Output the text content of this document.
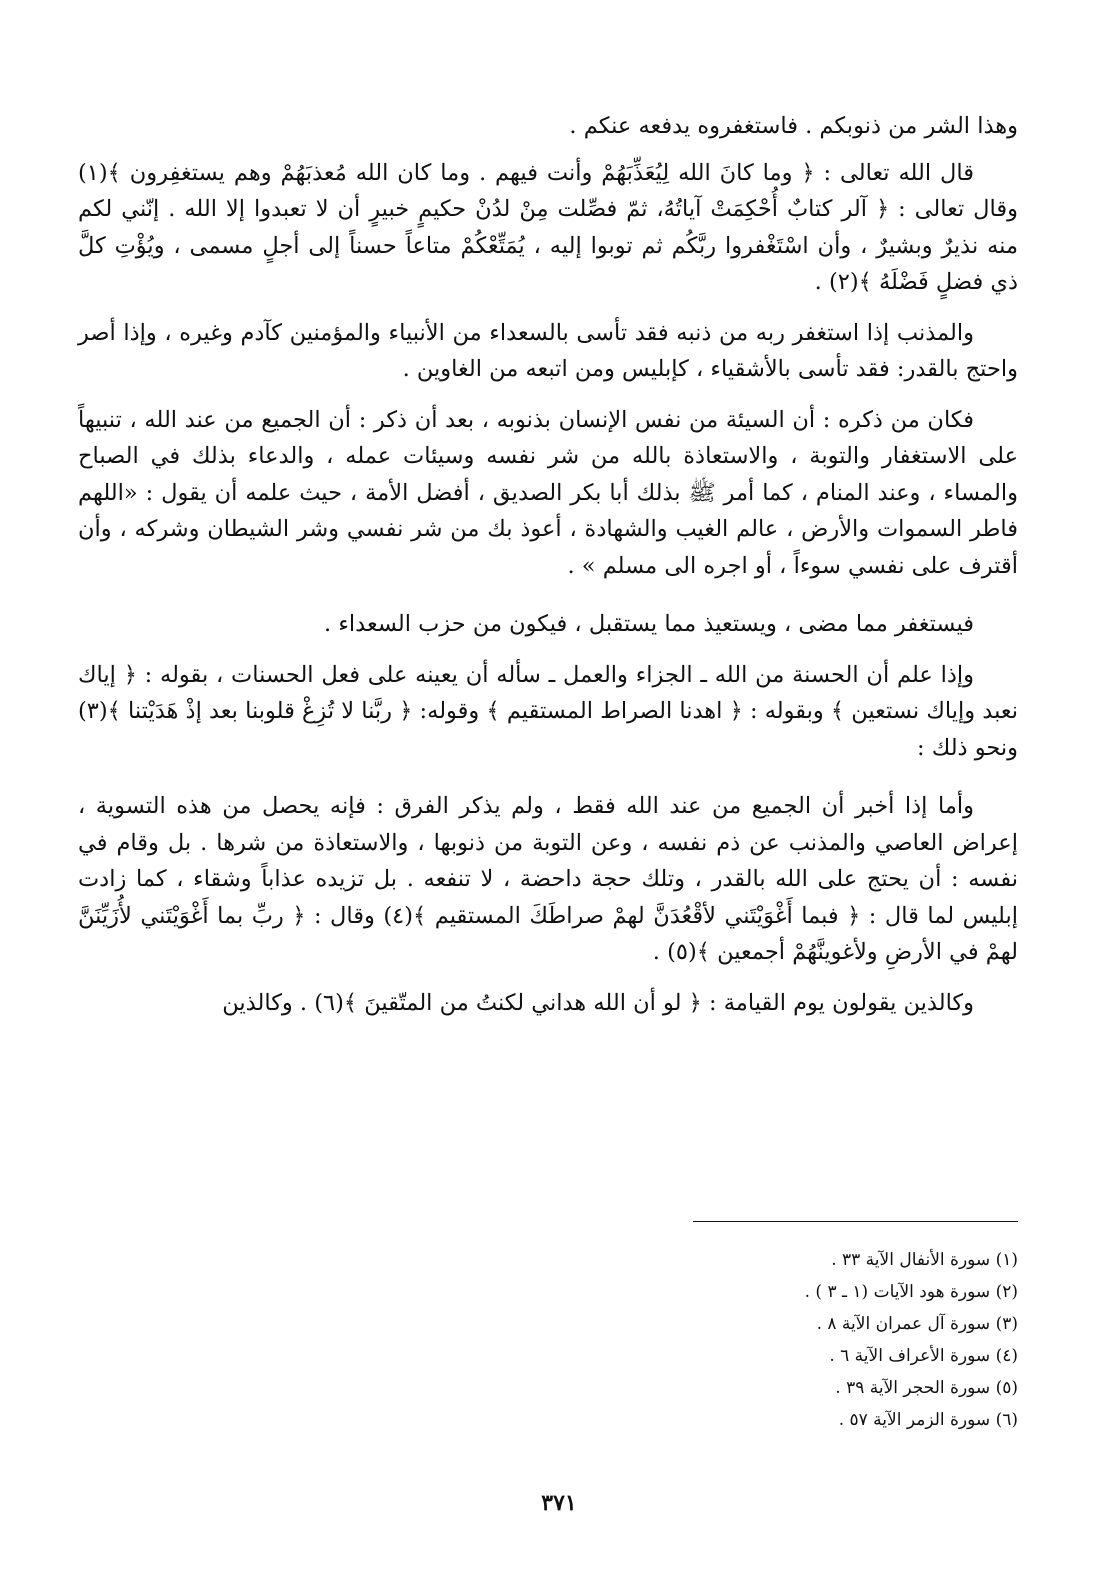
وهذا الشر من ذنوبكم . فاستغفروه يدفعه عنكم .

قال الله تعالى : ﴿ وما كانَ الله لِيُعَذِّبَهُمْ وأنت فيهم . وما كان الله مُعذبَهُمْ وهم يستغفِرون ﴾(١) وقال تعالى : ﴿ آلر كتابٌ أُحْكِمَتْ آياتُهُ، ثمّ فصِّلت مِنْ لدُنْ حكيمٍ خبيرٍ أن لا تعبدوا إلا الله . إنّني لكم منه نذيرٌ وبشيرٌ ، وأن اسْتَغْفروا ربَّكُم ثم توبوا إليه ، يُمَتِّعْكُمْ متاعاً حسناً إلى أجلٍ مسمى ، ويُؤْتِ كلَّ ذي فضلٍ فَضْلَهُ ﴾(٢) .

والمذنب إذا استغفر ربه من ذنبه فقد تأسى بالسعداء من الأنبياء والمؤمنين كآدم وغيره ، وإذا أصر واحتج بالقدر: فقد تأسى بالأشقياء ، كإبليس ومن اتبعه من الغاوين .

فكان من ذكره : أن السيئة من نفس الإنسان بذنوبه ، بعد أن ذكر : أن الجميع من عند الله ، تنبيهاً على الاستغفار والتوبة ، والاستعاذة بالله من شر نفسه وسيئات عمله ، والدعاء بذلك في الصباح والمساء ، وعند المنام ، كما أمر ﷺ بذلك أبا بكر الصديق ، أفضل الأمة ، حيث علمه أن يقول : «اللهم فاطر السموات والأرض ، عالم الغيب والشهادة ، أعوذ بك من شر نفسي وشر الشيطان وشركه ، وأن أقترف على نفسي سوءاً ، أو اجره الى مسلم » .

فيستغفر مما مضى ، ويستعيذ مما يستقبل ، فيكون من حزب السعداء .

وإذا علم أن الحسنة من الله ـ الجزاء والعمل ـ سأله أن يعينه على فعل الحسنات ، بقوله : ﴿ إياك نعبد وإياك نستعين ﴾ وبقوله : ﴿ اهدنا الصراط المستقيم ﴾ وقوله: ﴿ ربَّنا لا تُزِغْ قلوبنا بعد إذْ هَدَيْتنا ﴾(٣) ونحو ذلك :

وأما إذا أخبر أن الجميع من عند الله فقط ، ولم يذكر الفرق : فإنه يحصل من هذه التسوية ، إعراض العاصي والمذنب عن ذم نفسه ، وعن التوبة من ذنوبها ، والاستعاذة من شرها . بل وقام في نفسه : أن يحتج على الله بالقدر ، وتلك حجة داحضة ، لا تنفعه . بل تزيده عذاباً وشقاء ، كما زادت إبليس لما قال : ﴿ فبما أَغْوَيْتَني لأقْعُدَنَّ لهمْ صراطَكَ المستقيم ﴾(٤) وقال : ﴿ ربِّ بما أَغْوَيْتَني لأُزَيِّنَنَّ لهمْ في الأرضِ ولأغوينَّهُمْ أجمعين ﴾(٥) .

وكالذين يقولون يوم القيامة : ﴿ لو أن الله هداني لكنتُ من المتّقينَ ﴾(٦) . وكالذين

(١) سورة الأنفال الآية ٣٣ .

(٢) سورة هود الآيات (١ ـ ٣ ) .

(٣) سورة آل عمران الآية ٨ .

(٤) سورة الأعراف الآية ٦ .

(٥) سورة الحجر الآية ٣٩ .

(٦) سورة الزمر الآية ٥٧ .

٣٧١
